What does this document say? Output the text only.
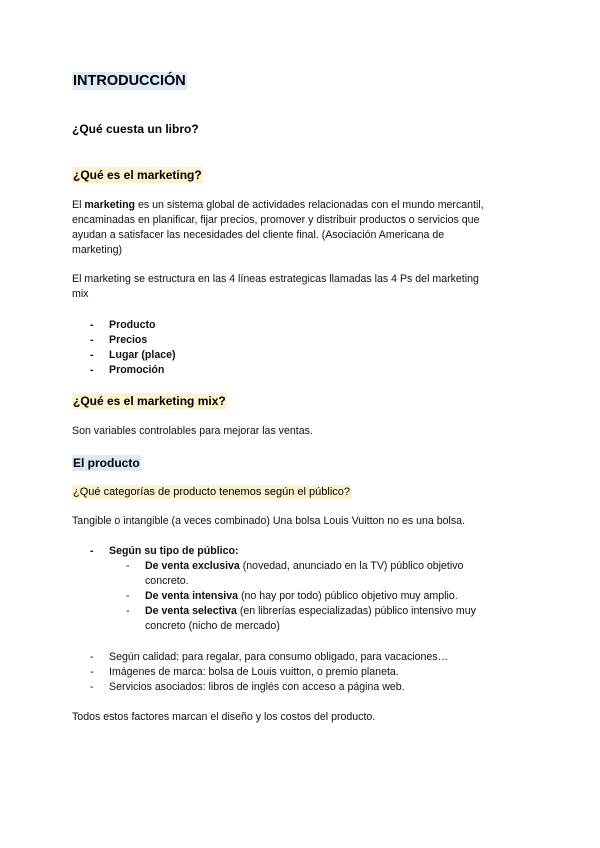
INTRODUCCIÓN
¿Qué cuesta un libro?
¿Qué es el marketing?
El marketing es un sistema global de actividades relacionadas con el mundo mercantil,
encaminadas en planificar, fijar precios, promover y distribuir productos o servicios que
ayudan a satisfacer las necesidades del cliente final. (Asociación Americana de
marketing)
El marketing se estructura en las 4 líneas estrategicas llamadas las 4 Ps del marketing
mix
- Producto
- Precios
- Lugar (place)
- Promoción
¿Qué es el marketing mix?
Son variables controlables para mejorar las ventas.
El producto
¿Qué categorías de producto tenemos según el público?
Tangible o intangible (a veces combinado) Una bolsa Louis Vuitton no es una bolsa.
- Según su tipo de público:
- De venta exclusiva (novedad, anunciado en la TV) público objetivo
concreto.
- De venta intensiva (no hay por todo) público objetivo muy amplio.
- De venta selectiva (en librerías especializadas) público intensivo muy
concreto (nicho de mercado)
- Según calidad: para regalar, para consumo obligado, para vacaciones…
- Imágenes de marca: bolsa de Louis vuitton, o premio planeta.
- Servicios asociados: libros de inglés con acceso a página web.
Todos estos factores marcan el diseño y los costos del producto.
